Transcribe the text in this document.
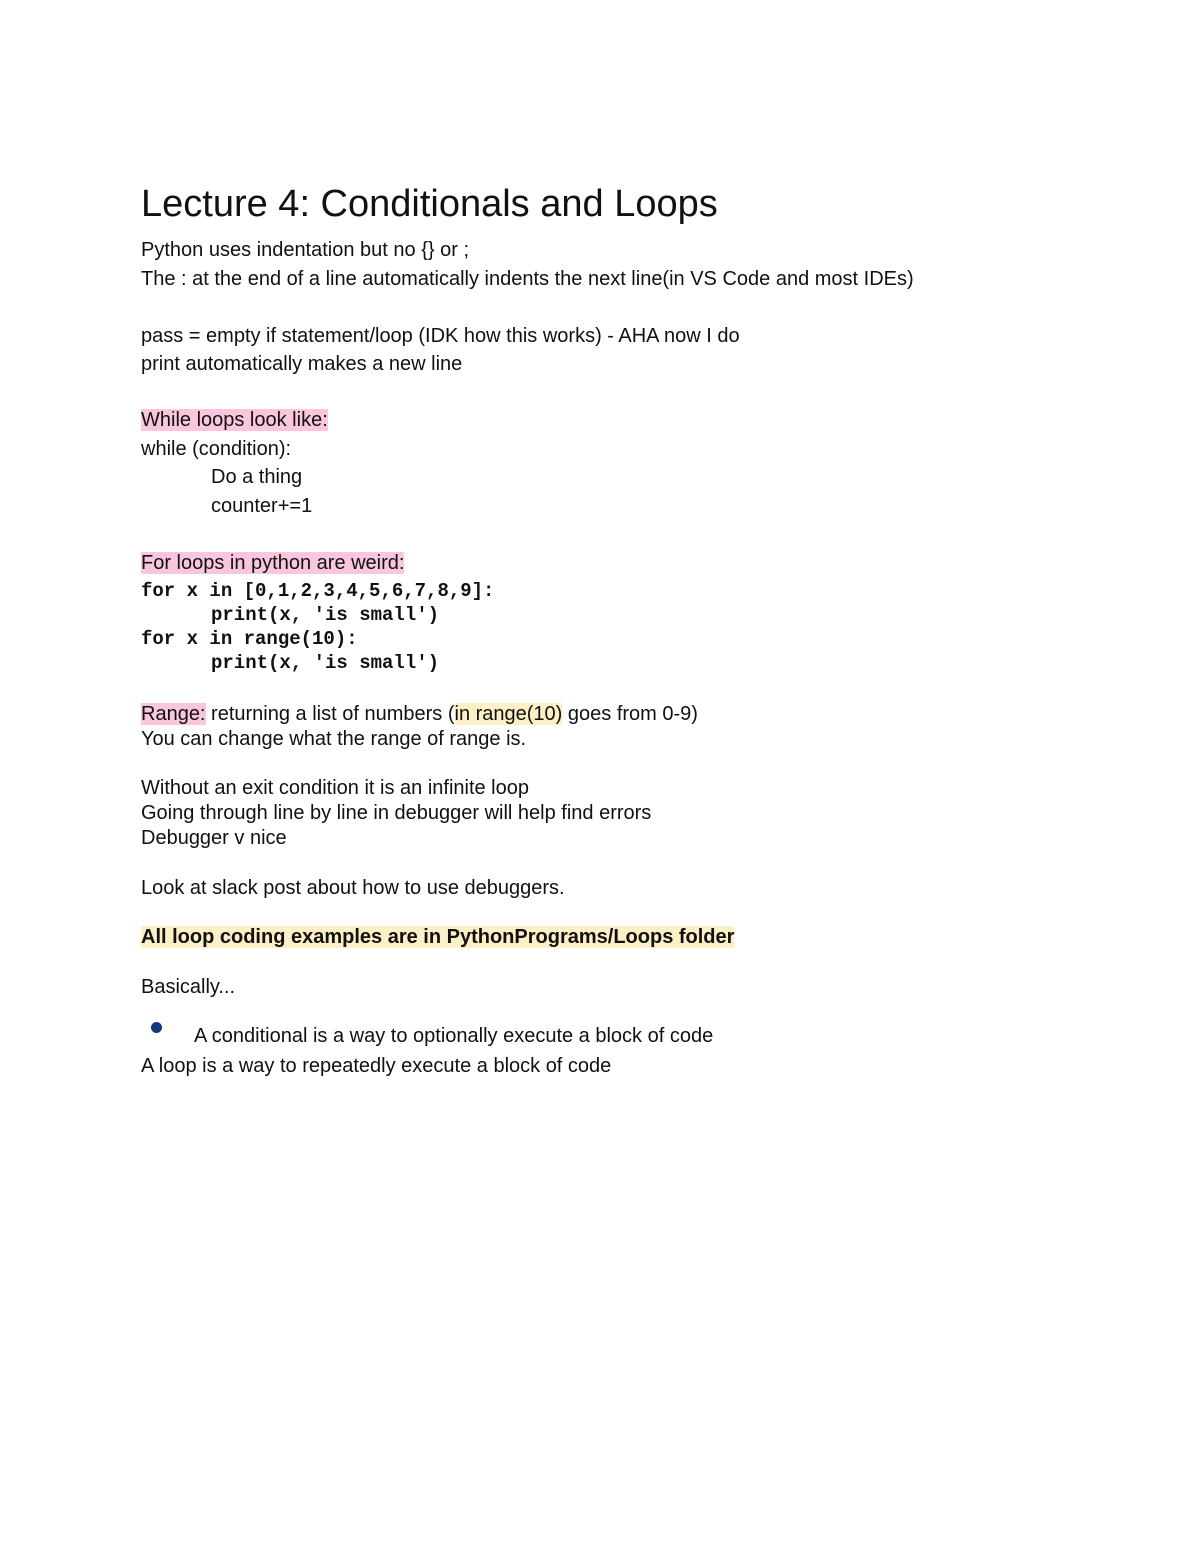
Lecture 4: Conditionals and Loops
Python uses indentation but no {} or ;
The : at the end of a line automatically indents the next line(in VS Code and most IDEs)
pass = empty if statement/loop (IDK how this works) - AHA now I do
print automatically makes a new line
While loops look like:
while (condition):
Do a thing
counter+=1
For loops in python are weird:
for x in [0,1,2,3,4,5,6,7,8,9]:
print(x, 'is small')
for x in range(10):
print(x, 'is small')
Range: returning a list of numbers (in range(10) goes from 0-9)
You can change what the range of range is.
Without an exit condition it is an infinite loop
Going through line by line in debugger will help find errors
Debugger v nice
Look at slack post about how to use debuggers.
All loop coding examples are in PythonPrograms/Loops folder
Basically...
A conditional is a way to optionally execute a block of code
A loop is a way to repeatedly execute a block of code
